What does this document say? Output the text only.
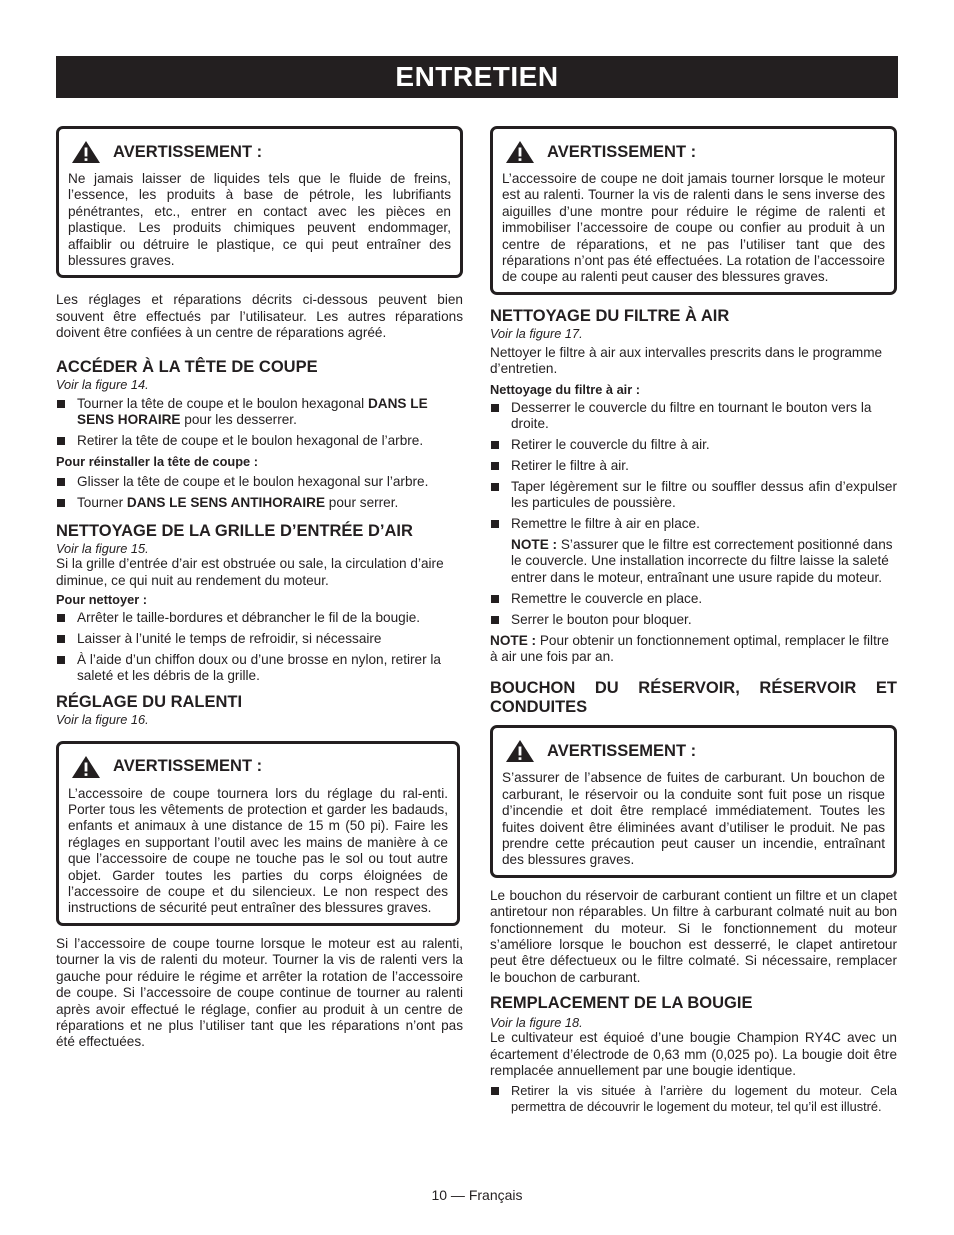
ENTRETIEN
AVERTISSEMENT :

Ne jamais laisser de liquides tels que le fluide de freins, l’essence, les produits à base de pétrole, les lubrifiants pénétrantes, etc., entrer en contact avec les pièces en plastique. Les produits chimiques peuvent endommager, affaiblir ou détruire le plastique, ce qui peut entraîner des blessures graves.

Les réglages et réparations décrits ci-dessous peuvent bien souvent être effectués par l’utilisateur. Les autres réparations doivent être confiées à un centre de réparations agréé.

ACCÉDER À LA TÊTE DE COUPE
Voir la figure 14.
Tourner la tête de coupe et le boulon hexagonal DANS LE SENS HORAIRE pour les desserrer.
Retirer la tête de coupe et le boulon hexagonal de l’arbre.
Pour réinstaller la tête de coupe :
Glisser la tête de coupe et le boulon hexagonal sur l’arbre.
Tourner DANS LE SENS ANTIHORAIRE pour serrer.
NETTOYAGE DE LA GRILLE D’ENTRÉE D’AIR
Voir la figure 15.

Si la grille d’entrée d’air est obstruée ou sale, la circulation d’aire diminue, ce qui nuit au rendement du moteur.

Pour nettoyer :
Arrêter le taille-bordures et débrancher le fil de la bougie.
Laisser à l’unité le temps de refroidir, si nécessaire
À l’aide d’un chiffon doux ou d’une brosse en nylon, retirer la saleté et les débris de la grille.
RÉGLAGE DU RALENTI
Voir la figure 16.
AVERTISSEMENT :

L’accessoire de coupe tournera lors du réglage du ral-enti. Porter tous les vêtements de protection et garder les badauds, enfants et animaux à une distance de 15 m (50 pi). Faire les réglages en supportant l’outil avec les mains de manière à ce que l’accessoire de coupe ne touche pas le sol ou tout autre objet. Garder toutes les parties du corps éloignées de l’accessoire de coupe et du silencieux. Le non respect des instructions de sécurité peut entraîner des blessures graves.

Si l’accessoire de coupe tourne lorsque le moteur est au ralenti, tourner la vis de ralenti du moteur. Tourner la vis de ralenti vers la gauche pour réduire le régime et arrêter la rotation de l’accessoire de coupe. Si l’accessoire de coupe continue de tourner au ralenti après avoir effectué le réglage, confier au produit à un centre de réparations et ne plus l’utiliser tant que les réparations n’ont pas été effectuées.

AVERTISSEMENT :

L’accessoire de coupe ne doit jamais tourner lorsque le moteur est au ralenti. Tourner la vis de ralenti dans le sens inverse des aiguilles d’une montre pour réduire le régime de ralenti et immobiliser l’accessoire de coupe ou confier au produit à un centre de réparations, et ne pas l’utiliser tant que des réparations n’ont pas été effectuées. La rotation de l’accessoire de coupe au ralenti peut causer des blessures graves.

NETTOYAGE DU FILTRE À AIR
Voir la figure 17.

Nettoyer le filtre à air aux intervalles prescrits dans le programme d’entretien.

Nettoyage du filtre à air :
Desserrer le couvercle du filtre en tournant le bouton vers la droite.
Retirer le couvercle du filtre à air.
Retirer le filtre à air.
Taper légèrement sur le filtre ou souffler dessus afin d’expulser les particules de poussière.
Remettre le filtre à air en place.
NOTE : S’assurer que le filtre est correctement positionné dans le couvercle. Une installation incorrecte du filtre laisse la saleté entrer dans le moteur, entraînant une usure rapide du moteur.
Remettre le couvercle en place.
Serrer le bouton pour bloquer.

NOTE : Pour obtenir un fonctionnement optimal, remplacer le filtre à air une fois par an.

BOUCHON DU RÉSERVOIR, RÉSERVOIR ET CONDUITES
AVERTISSEMENT :

S’assurer de l’absence de fuites de carburant. Un bouchon de carburant, le réservoir ou la conduite sont fuit pose un risque d’incendie et doit être remplacé immédiatement. Toutes les fuites doivent être éliminées avant d’utiliser le produit. Ne pas prendre cette précaution peut causer un incendie, entraînant des blessures graves.

Le bouchon du réservoir de carburant contient un filtre et un clapet antiretour non réparables. Un filtre à carburant colmaté nuit au bon fonctionnement du moteur. Si le fonctionnement du moteur s’améliore lorsque le bouchon est desserré, le clapet antiretour peut être défectueux ou le filtre colmaté. Si nécessaire, remplacer le bouchon de carburant.

REMPLACEMENT DE LA BOUGIE
Voir la figure 18.

Le cultivateur est équioé d’une bougie Champion RY4C avec un écartement d’électrode de 0,63 mm (0,025 po). La bougie doit être remplacée annuellement par une bougie identique.

Retirer la vis située à l’arrière du logement du moteur. Cela permettra de découvrir le logement du moteur, tel qu’il est illustré.
10 — Français
